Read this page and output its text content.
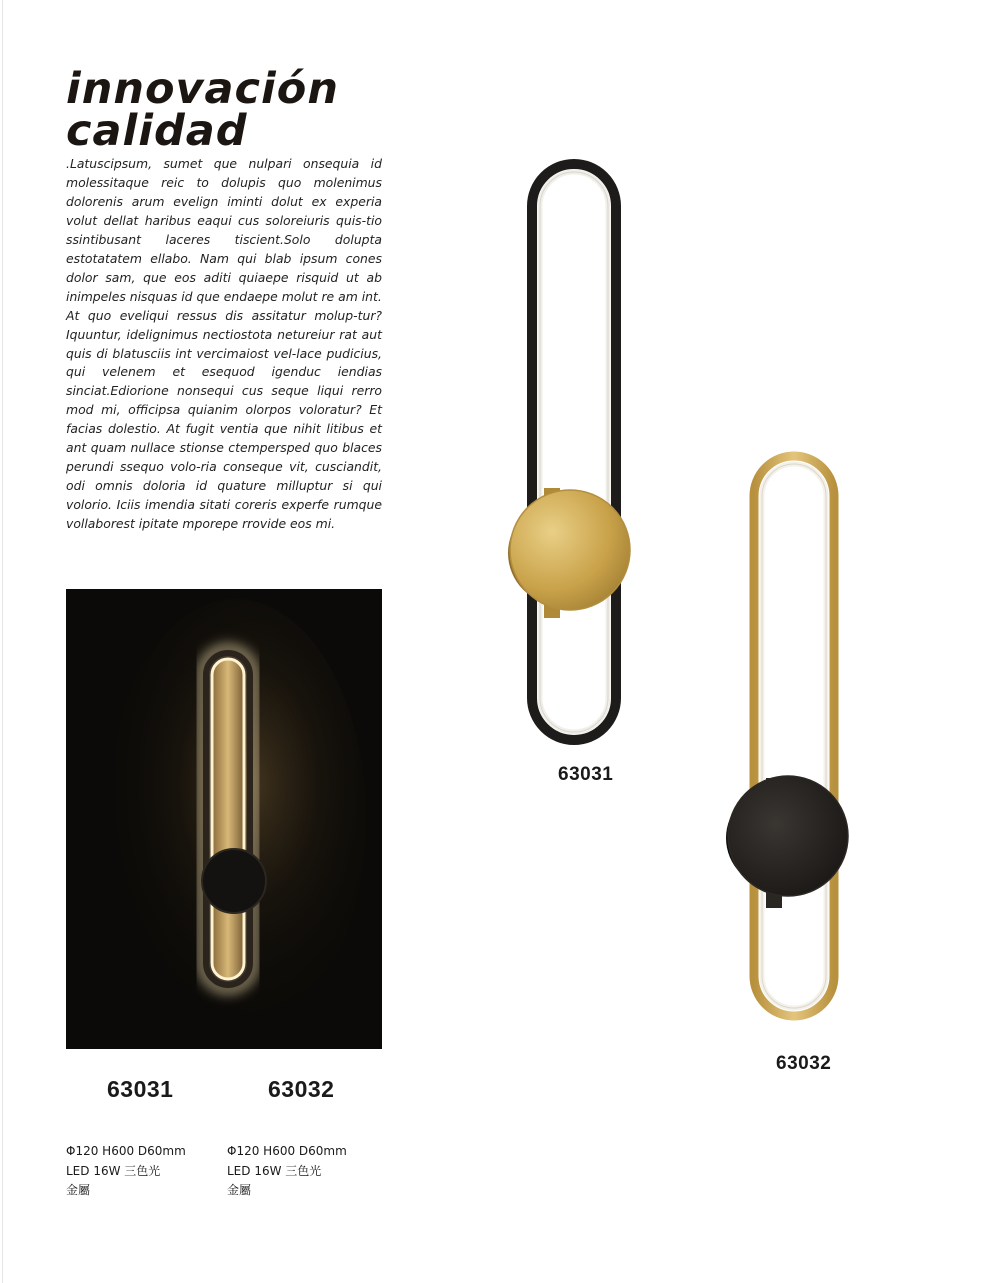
innovación
calidad

.Latuscipsum, sumet que nulpari onsequia id molessitaque reic to dolupis quo molenimus dolorenis arum evelign iminti dolut ex experia volut dellat haribus eaqui cus soloreiuris quis-tio ssintibusant laceres tiscient.Solo dolupta estotatatem ellabo. Nam qui blab ipsum cones dolor sam, que eos aditi quiaepe risquid ut ab inimpeles nisquas id que endaepe molut re am int.

At quo eveliqui ressus dis assitatur molup-tur?Iquuntur, idelignimus nectiostota netureiur rat aut quis di blatusciis int vercimaiost vel-lace pudicius, qui velenem et esequod igenduc iendias sinciat.Ediorione nonsequi cus seque liqui rerro mod mi, officipsa quianim olorpos voloratur? Et facias dolestio. At fugit ventia que nihit litibus et ant quam nullace stionse ctempersped quo blaces perundi ssequo volo-ria conseque vit, cusciandit, odi omnis doloria id quature milluptur si qui volorio. Iciis imendia sitati coreris experfe rumque vollaborest ipitate mporepe rrovide eos mi.

63031	63032
Φ120 H600 D60mm
LED 16W 三色光
金屬
Φ120 H600 D60mm
LED 16W 三色光
金屬
63031
63032
